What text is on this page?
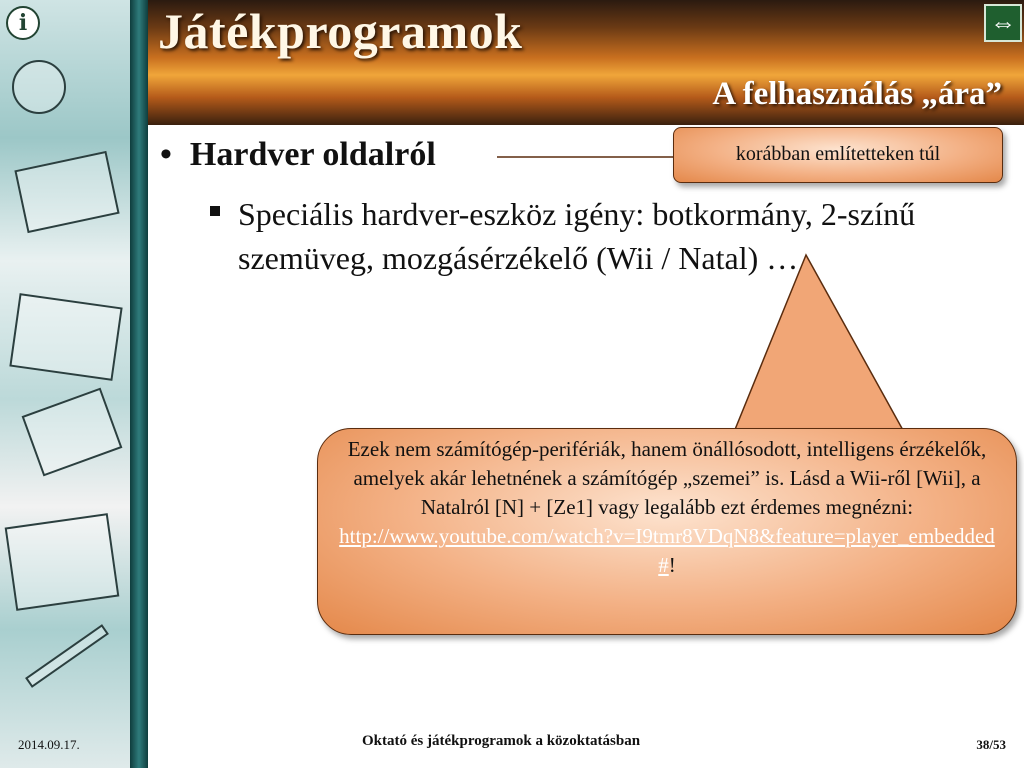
i	Játékprogramok
A felhasználás „ára”
⇔
• Hardver oldalról
Speciális hardver-eszköz igény: botkormány, 2-színű szemüveg, mozgásérzékelő (Wii / Natal) …
korábban említetteken túl
Ezek nem számítógép-perifériák, hanem önállósodott, intelligens érzékelők, amelyek akár lehetnének a számítógép „szemei” is. Lásd a Wii-ről [Wii], a Natalról [N] + [Ze1] vagy legalább ezt érdemes megnézni:
http://www.youtube.com/watch?v=I9tmr8VDqN8&feature=player_embedded#!
2014.09.17.	Oktató és játékprogramok a közoktatásban	38/53
